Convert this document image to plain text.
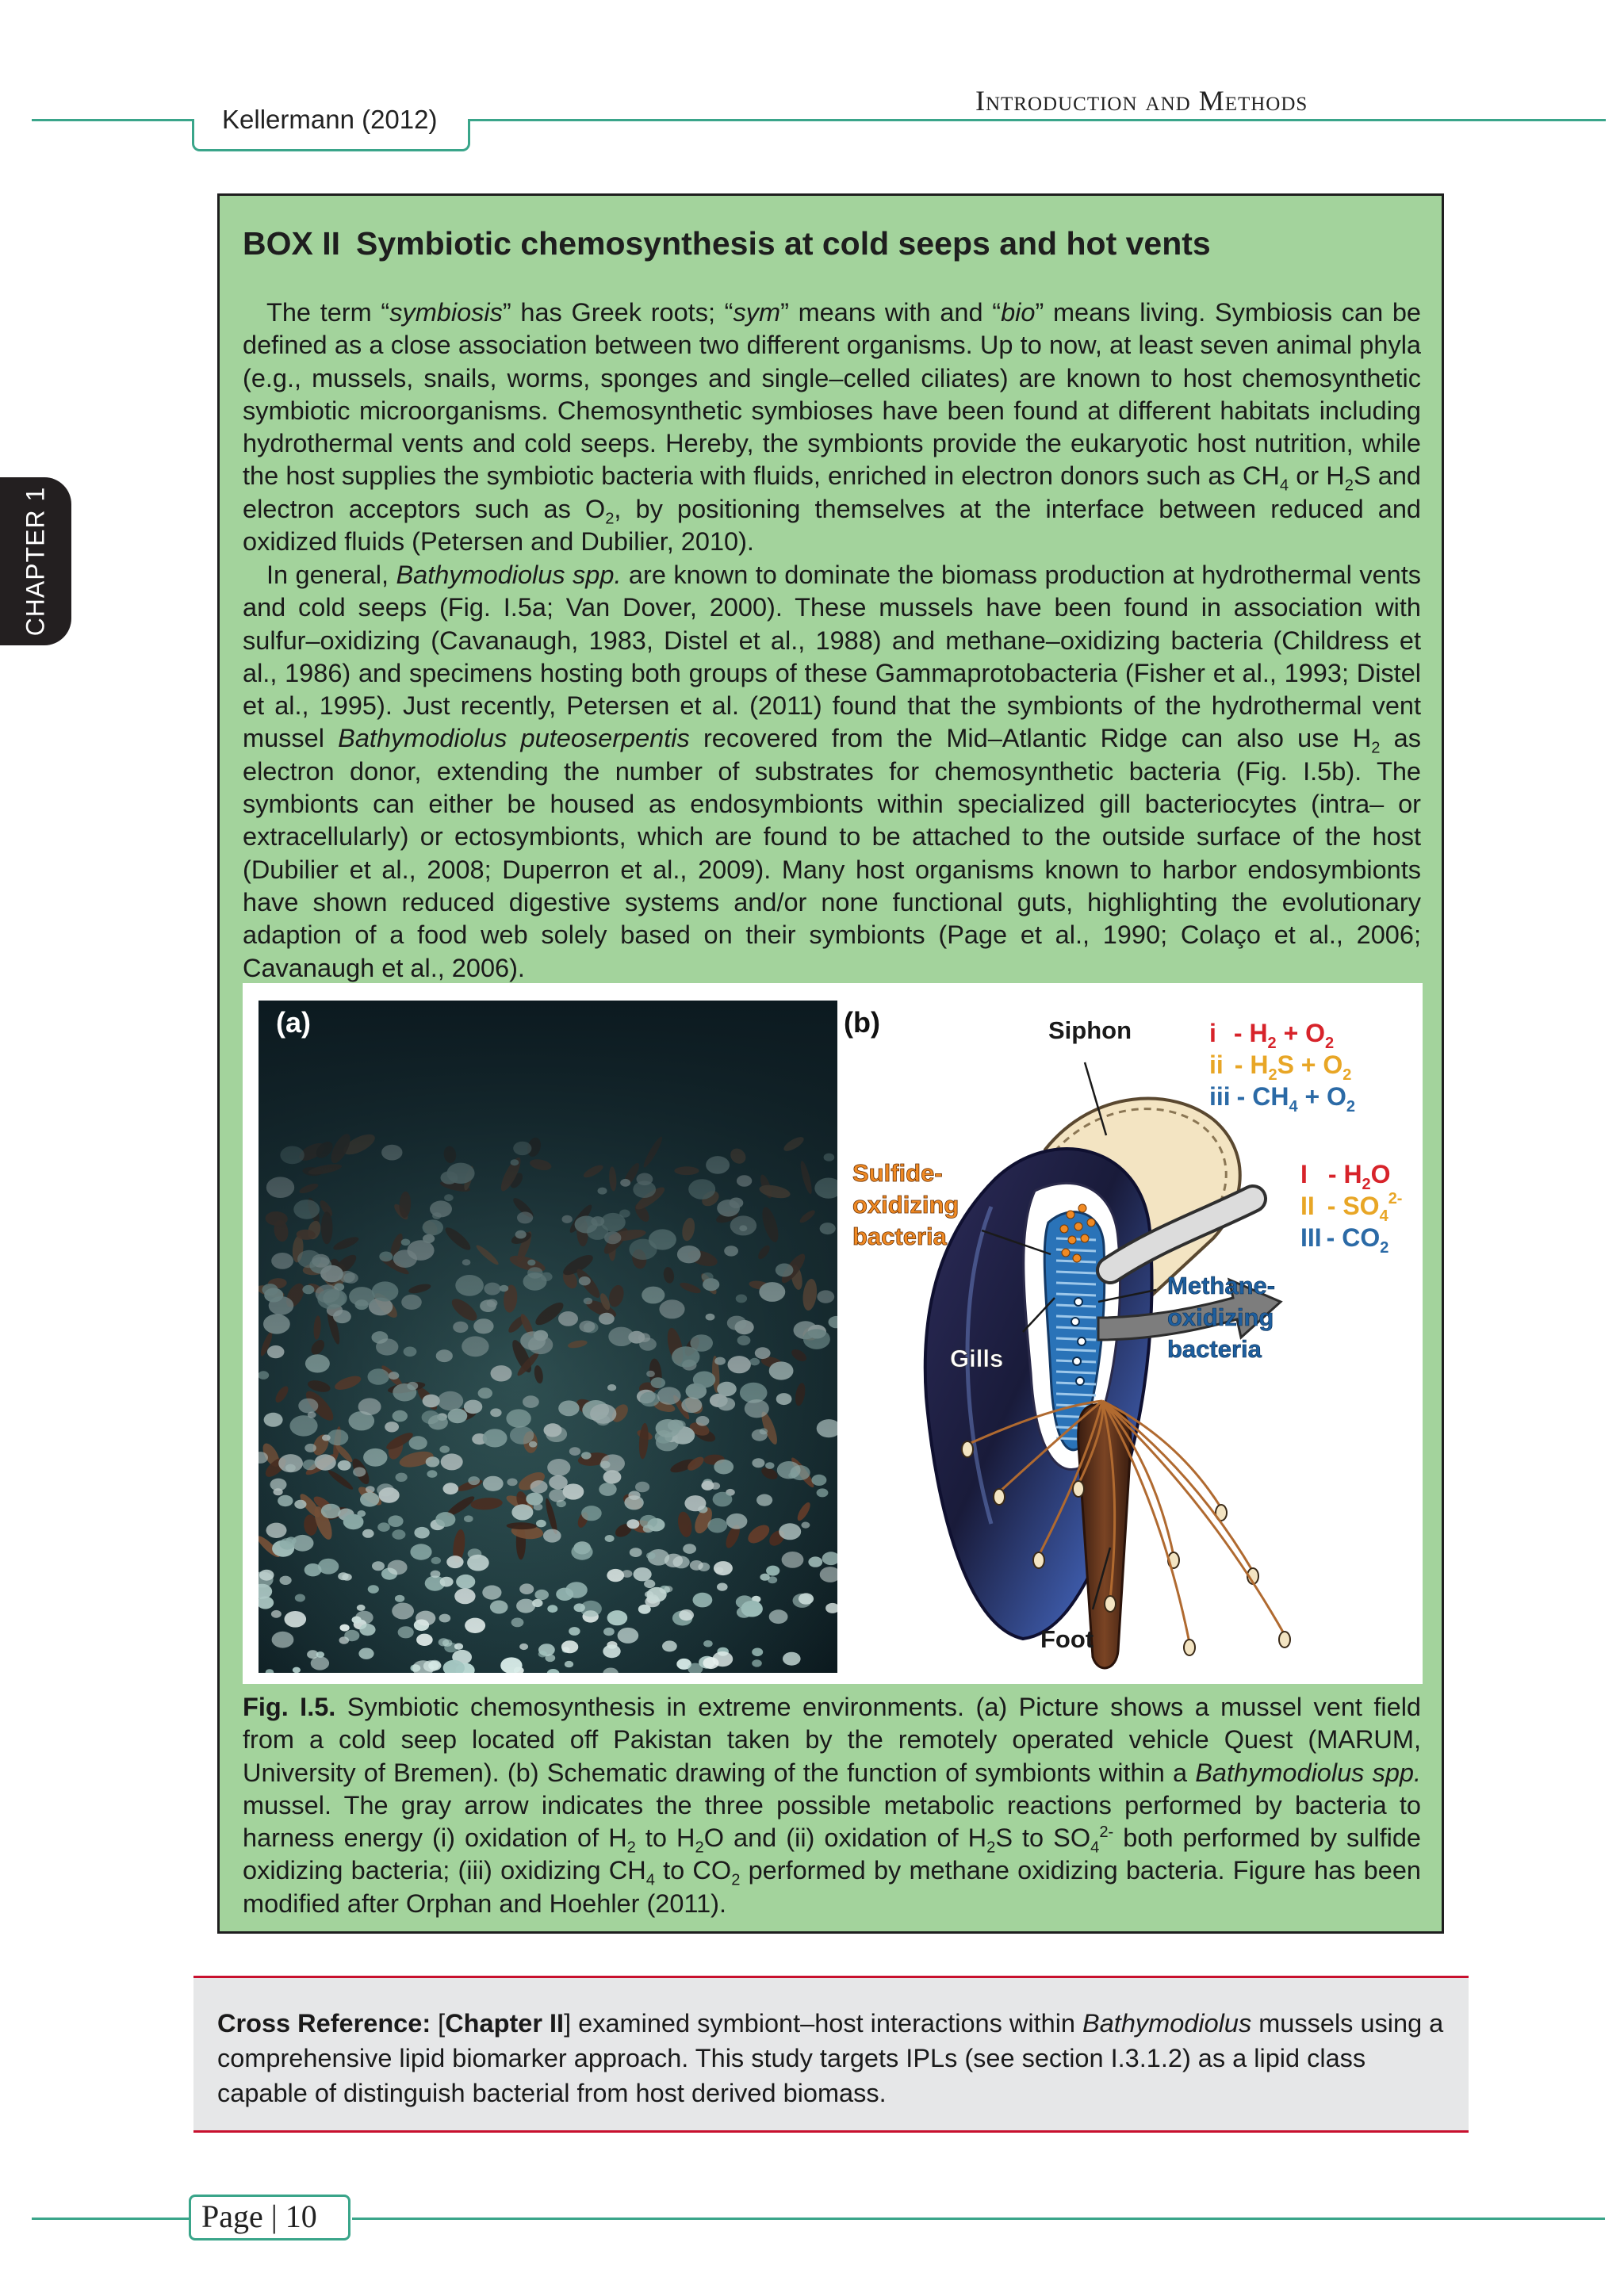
Kellermann (2012)
Introduction and Methods
CHAPTER 1
BOX II Symbiotic chemosynthesis at cold seeps and hot vents
The term “symbiosis” has Greek roots; “sym” means with and “bio” means living. Symbiosis can be defined as a close association between two different organisms. Up to now, at least seven animal phyla (e.g., mussels, snails, worms, sponges and single–celled ciliates) are known to host chemosynthetic symbiotic microorganisms. Chemosynthetic symbioses have been found at different habitats including hydrothermal vents and cold seeps. Hereby, the symbionts provide the eukaryotic host nutrition, while the host supplies the symbiotic bacteria with fluids, enriched in electron donors such as $CH_4$ or $H_2S$ and electron acceptors such as $O_2$, by positioning themselves at the interface between reduced and oxidized fluids (Petersen and Dubilier, 2010).
In general, Bathymodiolus spp. are known to dominate the biomass production at hydrothermal vents and cold seeps (Fig. I.5a; Van Dover, 2000). These mussels have been found in association with sulfur–oxidizing (Cavanaugh, 1983, Distel et al., 1988) and methane–oxidizing bacteria (Childress et al., 1986) and specimens hosting both groups of these Gammaprotobacteria (Fisher et al., 1993; Distel et al., 1995). Just recently, Petersen et al. (2011) found that the symbionts of the hydrothermal vent mussel Bathymodiolus puteoserpentis recovered from the Mid–Atlantic Ridge can also use $H_2$ as electron donor, extending the number of substrates for chemosynthetic bacteria (Fig. I.5b). The symbionts can either be housed as endosymbionts within specialized gill bacteriocytes (intra– or extracellularly) or ectosymbionts, which are found to be attached to the outside surface of the host (Dubilier et al., 2008; Duperron et al., 2009). Many host organisms known to harbor endosymbionts have shown reduced digestive systems and/or none functional guts, highlighting the evolutionary adaption of a food web solely based on their symbionts (Page et al., 1990; Colaço et al., 2006; Cavanaugh et al., 2006).
(a)	(b)	Siphon
Sulfide-
oxidizing
bacteria
Methane-
oxidizing
bacteria
Gills
Foot
$i - H_2 + O_2$
ii - $H_2S + O_2$
iii - $CH_4 + O_2$
I - $H_2O$
II - $SO_4^{2-}$
III - $CO_2$
Fig. I.5. Symbiotic chemosynthesis in extreme environments. (a) Picture shows a mussel vent field from a cold seep located off Pakistan taken by the remotely operated vehicle Quest (MARUM, University of Bremen). (b) Schematic drawing of the function of symbionts within a Bathymodiolus spp. mussel. The gray arrow indicates the three possible metabolic reactions performed by bacteria to harness energy (i) oxidation of $H_2$ to $H_2O$ and (ii) oxidation of $H_2S$ to $SO_4^{2-}$ both performed by sulfide oxidizing bacteria; (iii) oxidizing $CH_4$ to $CO_2$ performed by methane oxidizing bacteria. Figure has been modified after Orphan and Hoehler (2011).
Cross Reference: [Chapter II] examined symbiont–host interactions within Bathymodiolus mussels using a comprehensive lipid biomarker approach. This study targets IPLs (see section I.3.1.2) as a lipid class capable of distinguish bacterial from host derived biomass.
Page | 10
